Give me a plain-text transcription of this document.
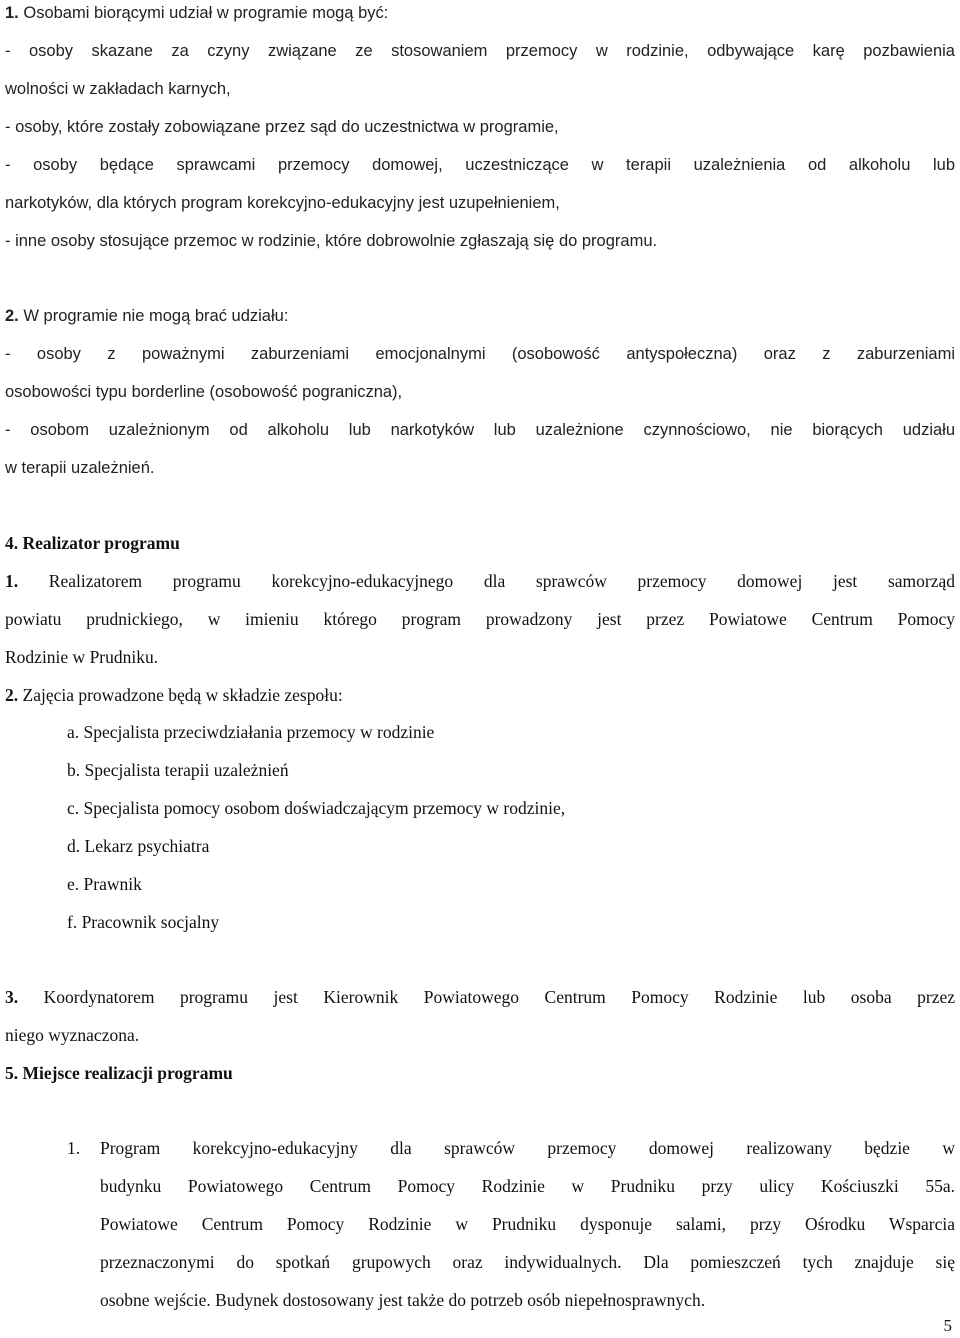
1. Osobami biorącymi udział w programie mogą być:
- osoby skazane za czyny związane ze stosowaniem przemocy w rodzinie, odbywające karę pozbawienia
wolności w zakładach karnych,
- osoby, które zostały zobowiązane przez sąd do uczestnictwa w programie,
- osoby będące sprawcami przemocy domowej, uczestniczące w terapii uzależnienia od alkoholu lub
narkotyków, dla których program korekcyjno-edukacyjny jest uzupełnieniem,
- inne osoby stosujące przemoc w rodzinie, które dobrowolnie zgłaszają się do programu.
2. W programie nie mogą brać udziału:
- osoby z poważnymi zaburzeniami emocjonalnymi (osobowość antyspołeczna) oraz z zaburzeniami
osobowości typu borderline (osobowość pograniczna),
- osobom uzależnionym od alkoholu lub narkotyków lub uzależnione czynnościowo, nie biorących udziału
w terapii uzależnień.
4. Realizator programu
1. Realizatorem programu korekcyjno-edukacyjnego dla sprawców przemocy domowej jest samorząd
powiatu prudnickiego, w imieniu którego program prowadzony jest przez Powiatowe Centrum Pomocy
Rodzinie w Prudniku.
2. Zajęcia prowadzone będą w składzie zespołu:
a. Specjalista przeciwdziałania przemocy w rodzinie
b. Specjalista terapii uzależnień
c. Specjalista pomocy osobom doświadczającym przemocy w rodzinie,
d. Lekarz psychiatra
e. Prawnik
f. Pracownik socjalny
3. Koordynatorem programu jest Kierownik Powiatowego Centrum Pomocy Rodzinie lub osoba przez
niego wyznaczona.
5. Miejsce realizacji programu
1.	Program korekcyjno-edukacyjny dla sprawców przemocy domowej realizowany będzie w
budynku Powiatowego Centrum Pomocy Rodzinie w Prudniku przy ulicy Kościuszki 55a.
Powiatowe Centrum Pomocy Rodzinie w Prudniku dysponuje salami, przy Ośrodku Wsparcia
przeznaczonymi do spotkań grupowych oraz indywidualnych. Dla pomieszczeń tych znajduje się
osobne wejście. Budynek dostosowany jest także do potrzeb osób niepełnosprawnych.
5
